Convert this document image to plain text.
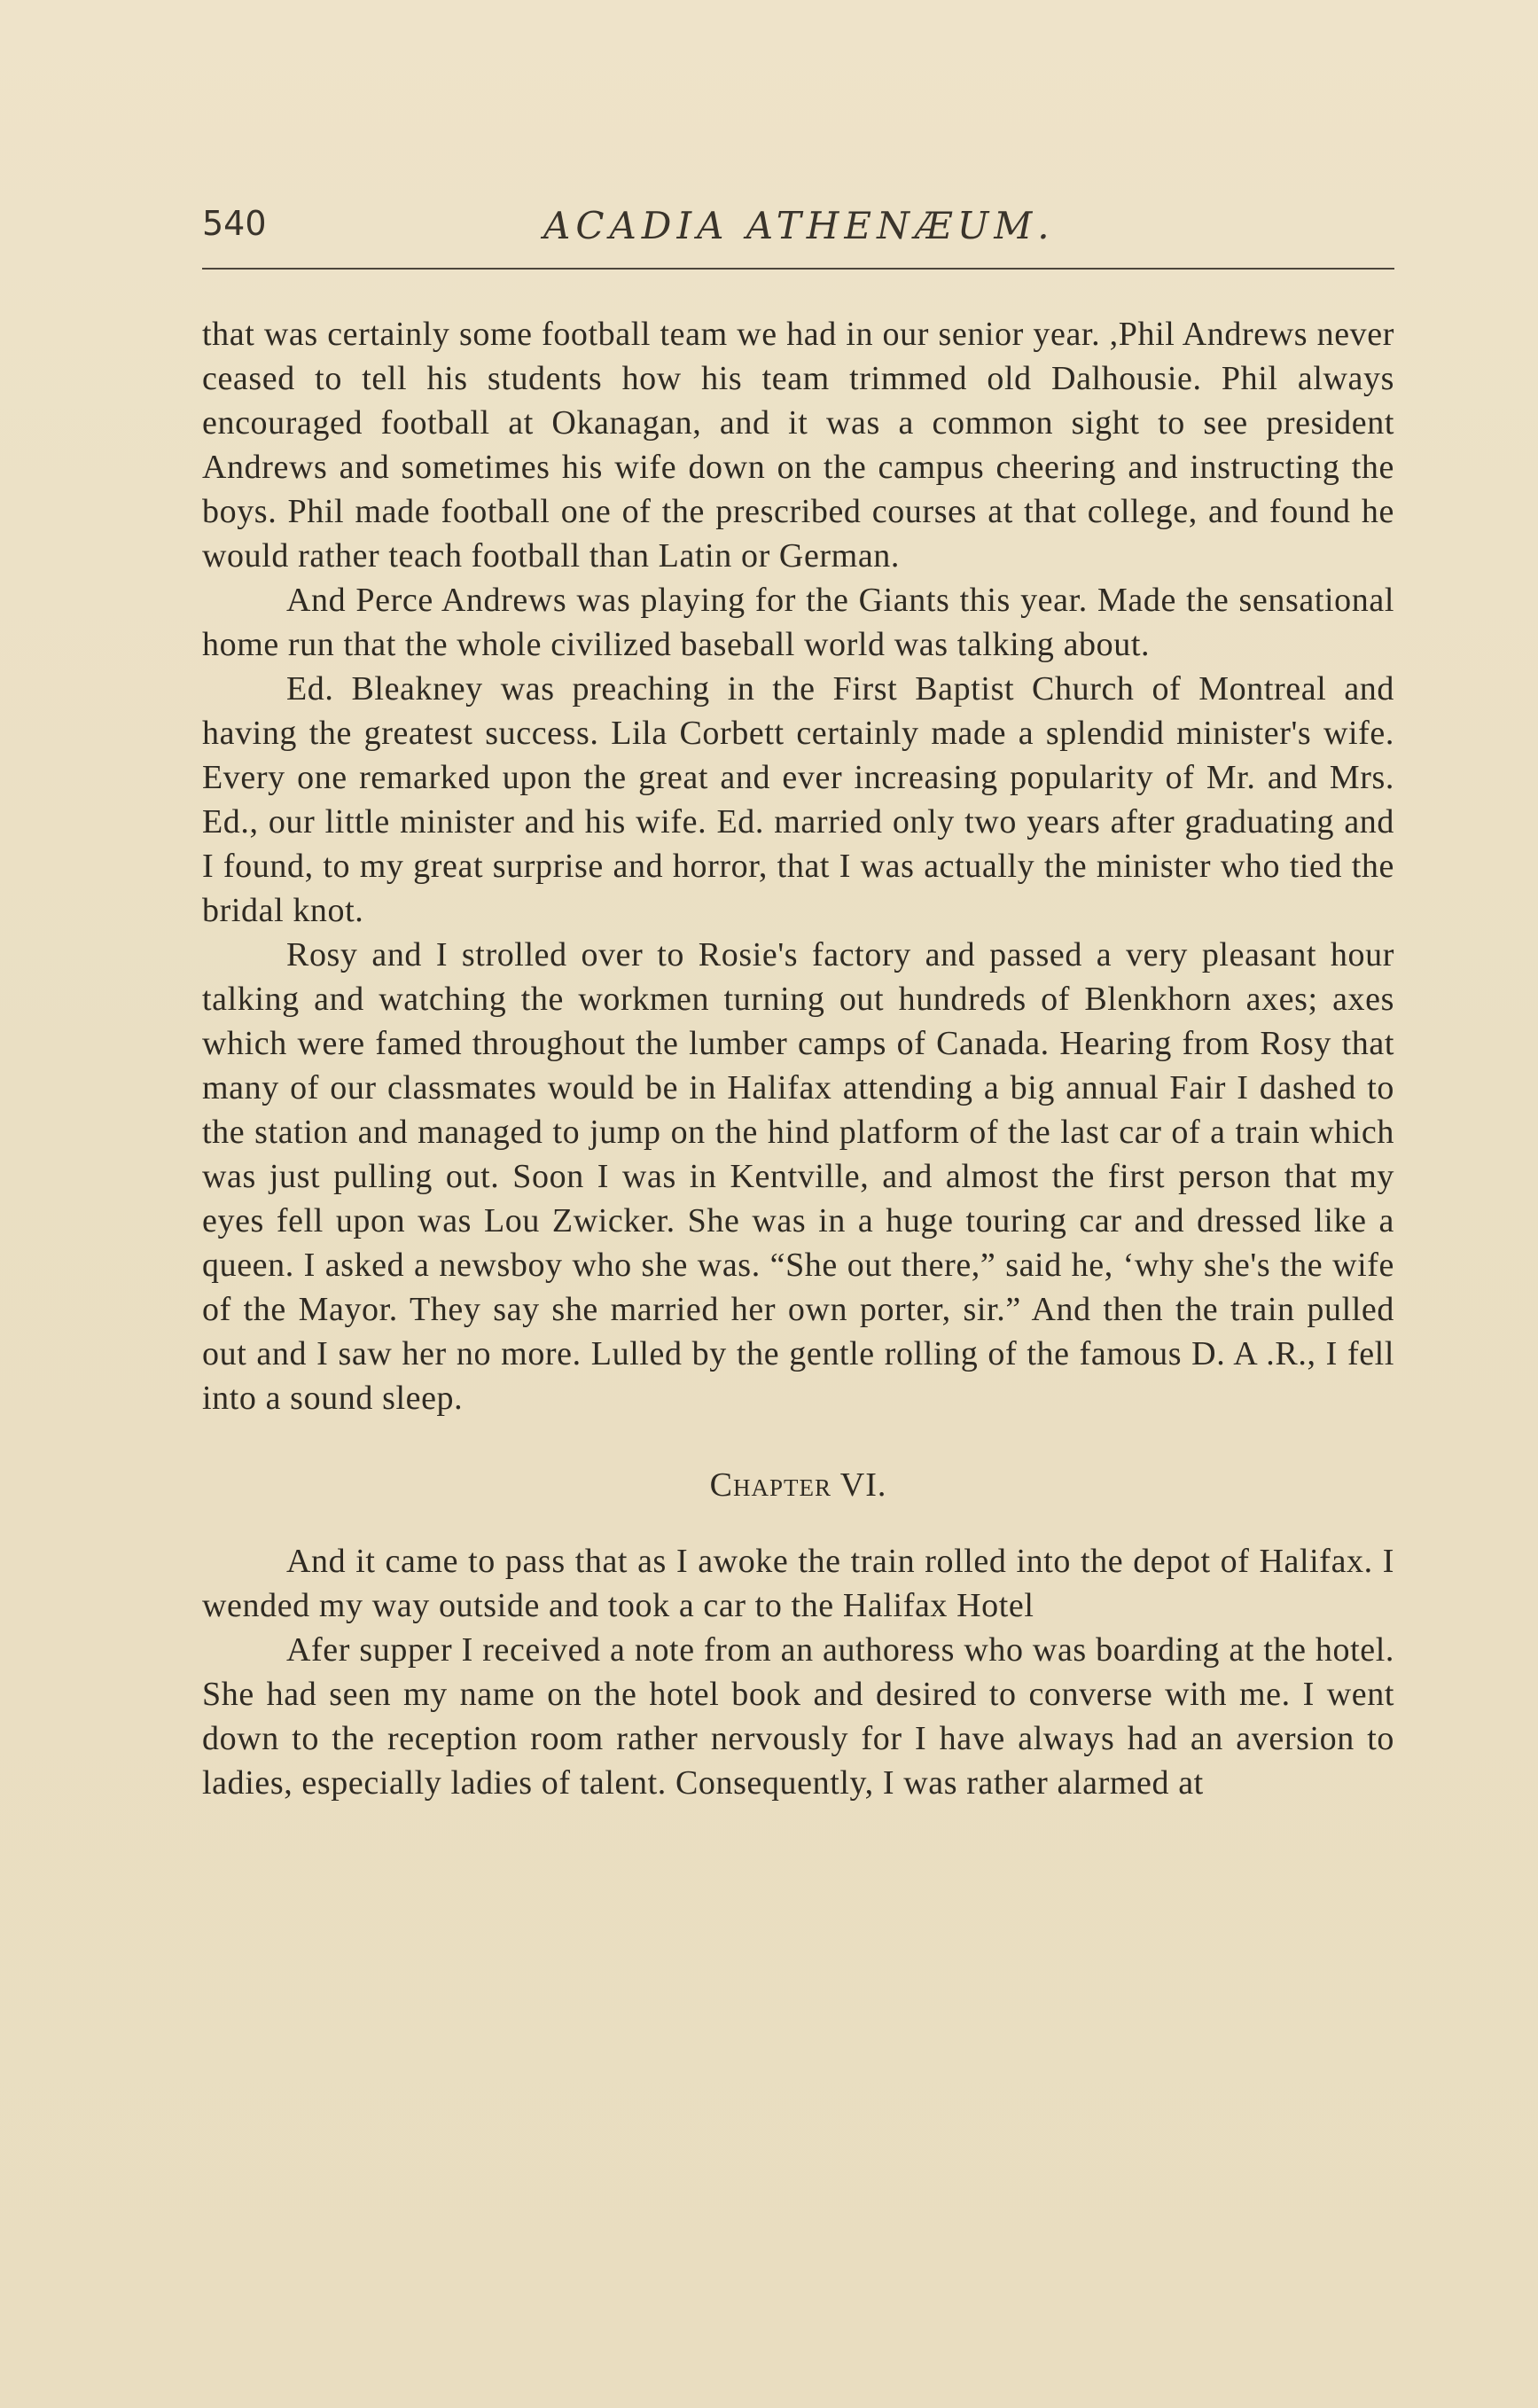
540	ACADIA ATHENÆUM.

that was certainly some football team we had in our senior year. ,Phil Andrews never ceased to tell his students how his team trimmed old Dalhousie. Phil always encouraged football at Okanagan, and it was a common sight to see president Andrews and sometimes his wife down on the campus cheering and instructing the boys. Phil made football one of the prescribed courses at that college, and found he would rather teach football than Latin or German.

And Perce Andrews was playing for the Giants this year. Made the sensational home run that the whole civilized baseball world was talking about.

Ed. Bleakney was preaching in the First Baptist Church of Montreal and having the greatest success. Lila Corbett certainly made a splendid minister's wife. Every one remarked upon the great and ever increasing popularity of Mr. and Mrs. Ed., our little minister and his wife. Ed. married only two years after graduating and I found, to my great surprise and horror, that I was actually the minister who tied the bridal knot.

Rosy and I strolled over to Rosie's factory and passed a very pleasant hour talking and watching the workmen turning out hundreds of Blenkhorn axes; axes which were famed throughout the lumber camps of Canada. Hearing from Rosy that many of our classmates would be in Halifax attending a big annual Fair I dashed to the station and managed to jump on the hind platform of the last car of a train which was just pulling out. Soon I was in Kentville, and almost the first person that my eyes fell upon was Lou Zwicker. She was in a huge touring car and dressed like a queen. I asked a newsboy who she was. “She out there,” said he, ‘why she's the wife of the Mayor. They say she married her own porter, sir.” And then the train pulled out and I saw her no more. Lulled by the gentle rolling of the famous D. A .R., I fell into a sound sleep.

Chapter VI.

And it came to pass that as I awoke the train rolled into the depot of Halifax. I wended my way outside and took a car to the Halifax Hotel

Afer supper I received a note from an authoress who was boarding at the hotel. She had seen my name on the hotel book and desired to converse with me. I went down to the reception room rather nervously for I have always had an aversion to ladies, especially ladies of talent. Consequently, I was rather alarmed at
